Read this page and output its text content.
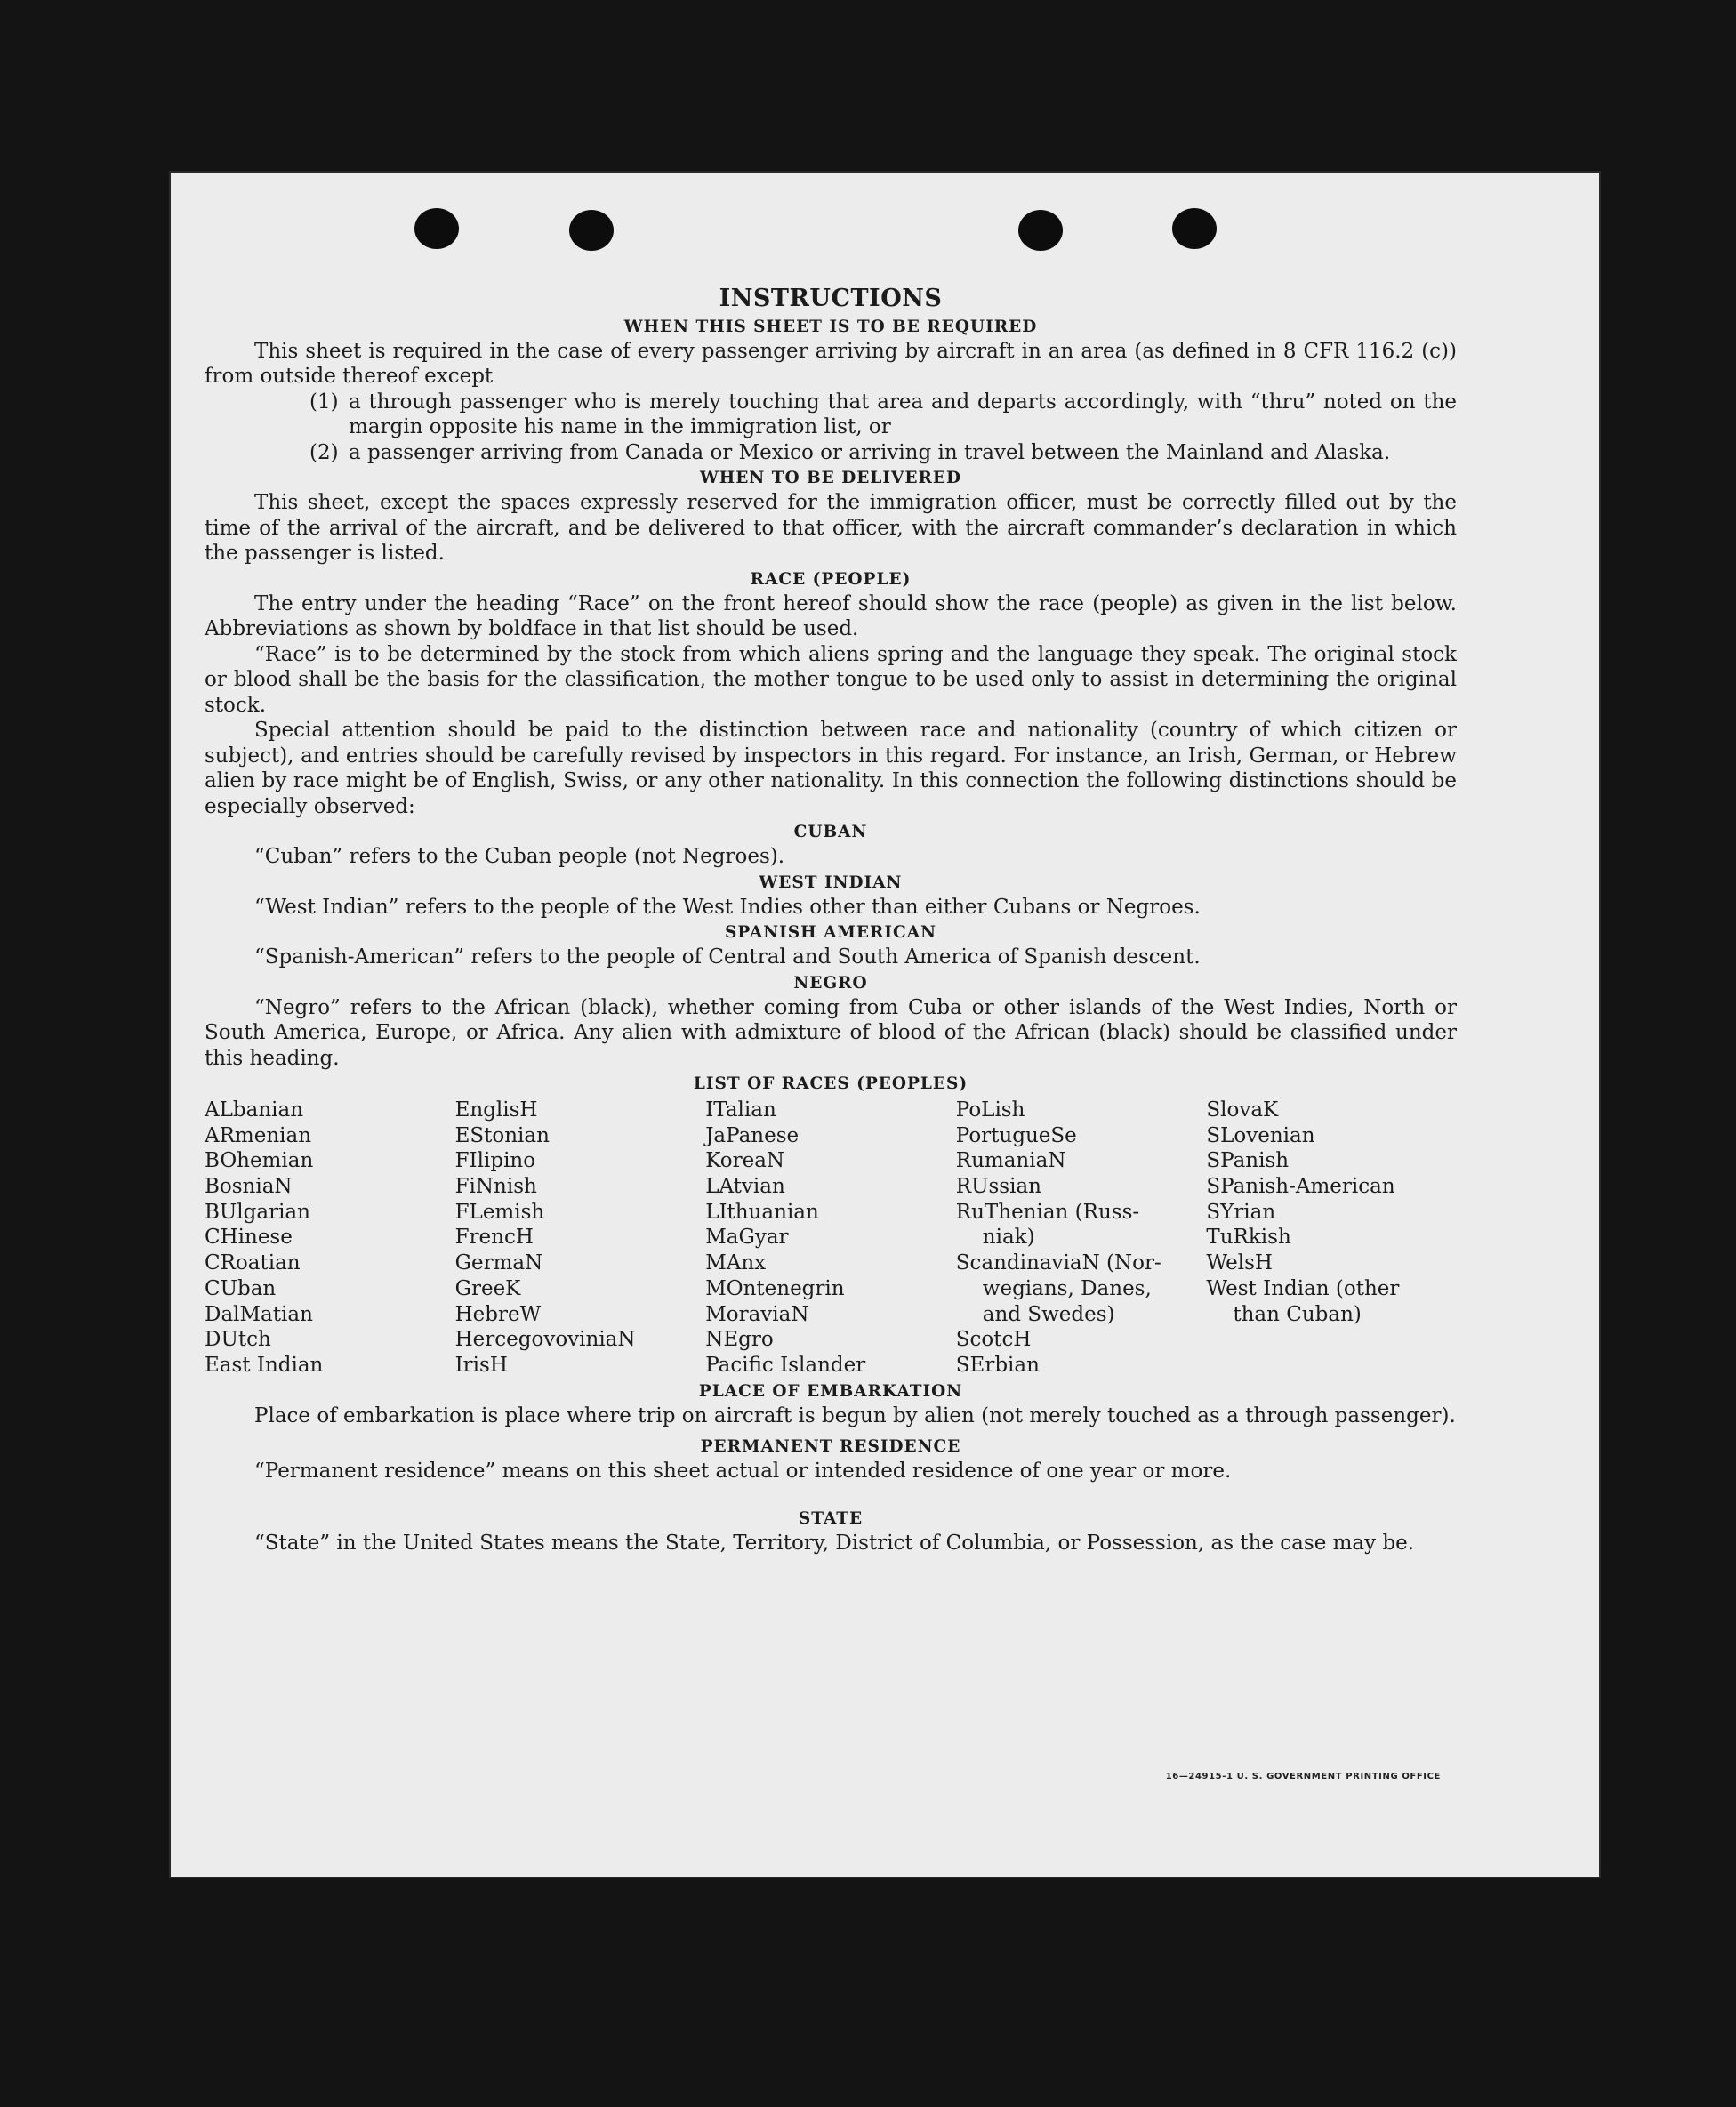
INSTRUCTIONS
WHEN THIS SHEET IS TO BE REQUIRED

This sheet is required in the case of every passenger arriving by aircraft in an area (as defined in 8 CFR 116.2 (c)) from outside thereof except

(1) a through passenger who is merely touching that area and departs accordingly, with “thru” noted on the margin opposite his name in the immigration list, or
(2) a passenger arriving from Canada or Mexico or arriving in travel between the Mainland and Alaska.
WHEN TO BE DELIVERED

This sheet, except the spaces expressly reserved for the immigration officer, must be correctly filled out by the time of the arrival of the aircraft, and be delivered to that officer, with the aircraft commander’s declaration in which the passenger is listed.

RACE (PEOPLE)

The entry under the heading “Race” on the front hereof should show the race (people) as given in the list below. Abbreviations as shown by boldface in that list should be used.

“Race” is to be determined by the stock from which aliens spring and the language they speak. The original stock or blood shall be the basis for the classification, the mother tongue to be used only to assist in determining the original stock.

Special attention should be paid to the distinction between race and nationality (country of which citizen or subject), and entries should be carefully revised by inspectors in this regard. For instance, an Irish, German, or Hebrew alien by race might be of English, Swiss, or any other nationality. In this connection the following distinctions should be especially observed:

CUBAN

“Cuban” refers to the Cuban people (not Negroes).

WEST INDIAN

“West Indian” refers to the people of the West Indies other than either Cubans or Negroes.

SPANISH AMERICAN

“Spanish-American” refers to the people of Central and South America of Spanish descent.

NEGRO

“Negro” refers to the African (black), whether coming from Cuba or other islands of the West Indies, North or South America, Europe, or Africa. Any alien with admixture of blood of the African (black) should be classified under this heading.

LIST OF RACES (PEOPLES)
ALbanian
ARmenian
BOhemian
BosniaN
BUlgarian
CHinese
CRoatian
CUban
DalMatian
DUtch
East Indian
EnglisH
EStonian
FIlipino
FiNnish
FLemish
FrencH
GermaN
GreeK
HebreW
HercegovoviniaN
IrisH
ITalian
JaPanese
KoreaN
LAtvian
LIthuanian
MaGyar
MAnx
MOntenegrin
MoraviaN
NEgro
Pacific Islander
PoLish
PortugueSe
RumaniaN
RUssian
RuThenian (Russ-
niak)
ScandinaviaN (Nor-
wegians, Danes,
and Swedes)
ScotcH
SErbian
SlovaK
SLovenian
SPanish
SPanish-American
SYrian
TuRkish
WelsH
West Indian (other
than Cuban)
PLACE OF EMBARKATION

Place of embarkation is place where trip on aircraft is begun by alien (not merely touched as a through passenger).

PERMANENT RESIDENCE

“Permanent residence” means on this sheet actual or intended residence of one year or more.

STATE

“State” in the United States means the State, Territory, District of Columbia, or Possession, as the case may be.

16—24915-1 U. S. GOVERNMENT PRINTING OFFICE
